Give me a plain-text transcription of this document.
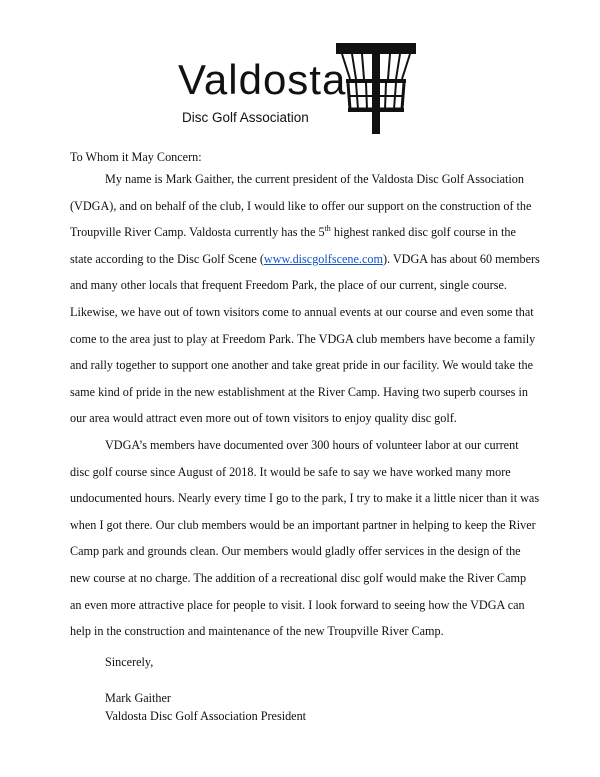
Valdosta
Disc Golf Association

To Whom it May Concern:

My name is Mark Gaither, the current president of the Valdosta Disc Golf Association (VDGA), and on behalf of the club, I would like to offer our support on the construction of the Troupville River Camp. Valdosta currently has the 5th highest ranked disc golf course in the state according to the Disc Golf Scene (www.discgolfscene.com). VDGA has about 60 members and many other locals that frequent Freedom Park, the place of our current, single course. Likewise, we have out of town visitors come to annual events at our course and even some that come to the area just to play at Freedom Park. The VDGA club members have become a family and rally together to support one another and take great pride in our facility. We would take the same kind of pride in the new establishment at the River Camp. Having two superb courses in our area would attract even more out of town visitors to enjoy quality disc golf.

VDGA’s members have documented over 300 hours of volunteer labor at our current disc golf course since August of 2018. It would be safe to say we have worked many more undocumented hours. Nearly every time I go to the park, I try to make it a little nicer than it was when I got there. Our club members would be an important partner in helping to keep the River Camp park and grounds clean. Our members would gladly offer services in the design of the new course at no charge. The addition of a recreational disc golf would make the River Camp an even more attractive place for people to visit. I look forward to seeing how the VDGA can help in the construction and maintenance of the new Troupville River Camp.

Sincerely,

Mark Gaither

Valdosta Disc Golf Association President
